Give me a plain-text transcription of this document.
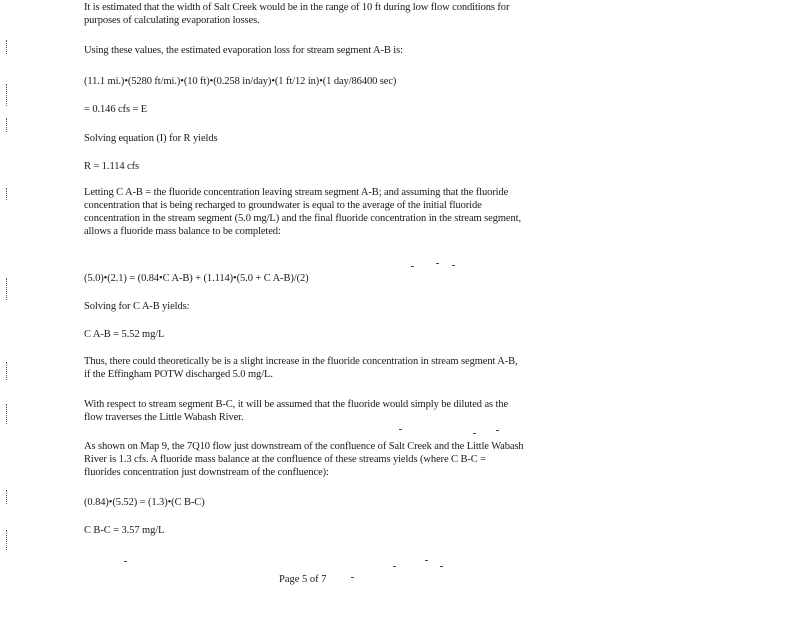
It is estimated that the width of Salt Creek would be in the range of 10 ft during low flow conditions for purposes of calculating evaporation losses.

Using these values, the estimated evaporation loss for stream segment A-B is:

(11.1 mi.)•(5280 ft/mi.)•(10 ft)•(0.258 in/day)•(1 ft/12 in)•(1 day/86400 sec)

= 0.146 cfs = E

Solving equation (I) for R yields

R = 1.114 cfs

Letting C A-B = the fluoride concentration leaving stream segment A-B; and assuming that the fluoride concentration that is being recharged to groundwater is equal to the average of the initial fluoride concentration in the stream segment (5.0 mg/L) and the final fluoride concentration in the stream segment, allows a fluoride mass balance to be completed:

(5.0)•(2.1) = (0.84•C A-B) + (1.114)•(5.0 + C A-B)/(2)

Solving for C A-B yields:

C A-B = 5.52 mg/L

Thus, there could theoretically be is a slight increase in the fluoride concentration in stream segment A-B, if the Effingham POTW discharged 5.0 mg/L.

With respect to stream segment B-C, it will be assumed that the fluoride would simply be diluted as the flow traverses the Little Wabash River.

As shown on Map 9, the 7Q10 flow just downstream of the confluence of Salt Creek and the Little Wabash River is 1.3 cfs. A fluoride mass balance at the confluence of these streams yields (where C B-C = fluorides concentration just downstream of the confluence):

(0.84)•(5.52) = (1.3)•(C B-C)

C B-C = 3.57 mg/L

Page 5 of 7
